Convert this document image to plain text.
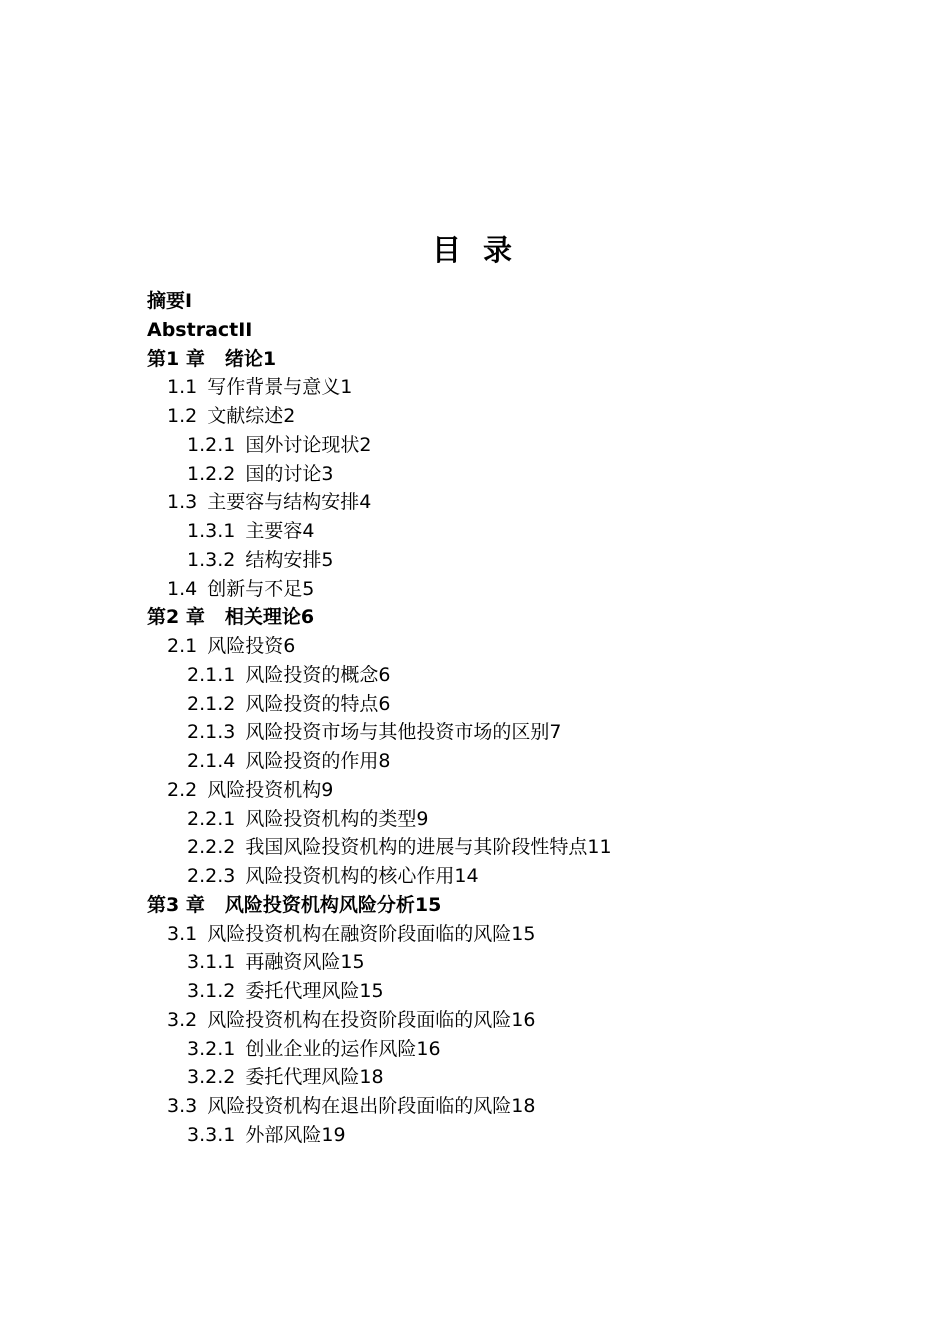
目 录
摘要I
AbstractII
第1 章 绪论1
1.1 写作背景与意义1
1.2 文献综述2
1.2.1 国外讨论现状2
1.2.2 国的讨论3
1.3 主要容与结构安排4
1.3.1 主要容4
1.3.2 结构安排5
1.4 创新与不足5
第2 章 相关理论6
2.1 风险投资6
2.1.1 风险投资的概念6
2.1.2 风险投资的特点6
2.1.3 风险投资市场与其他投资市场的区别7
2.1.4 风险投资的作用8
2.2 风险投资机构9
2.2.1 风险投资机构的类型9
2.2.2 我国风险投资机构的进展与其阶段性特点11
2.2.3 风险投资机构的核心作用14
第3 章 风险投资机构风险分析15
3.1 风险投资机构在融资阶段面临的风险15
3.1.1 再融资风险15
3.1.2 委托代理风险15
3.2 风险投资机构在投资阶段面临的风险16
3.2.1 创业企业的运作风险16
3.2.2 委托代理风险18
3.3 风险投资机构在退出阶段面临的风险18
3.3.1 外部风险19
